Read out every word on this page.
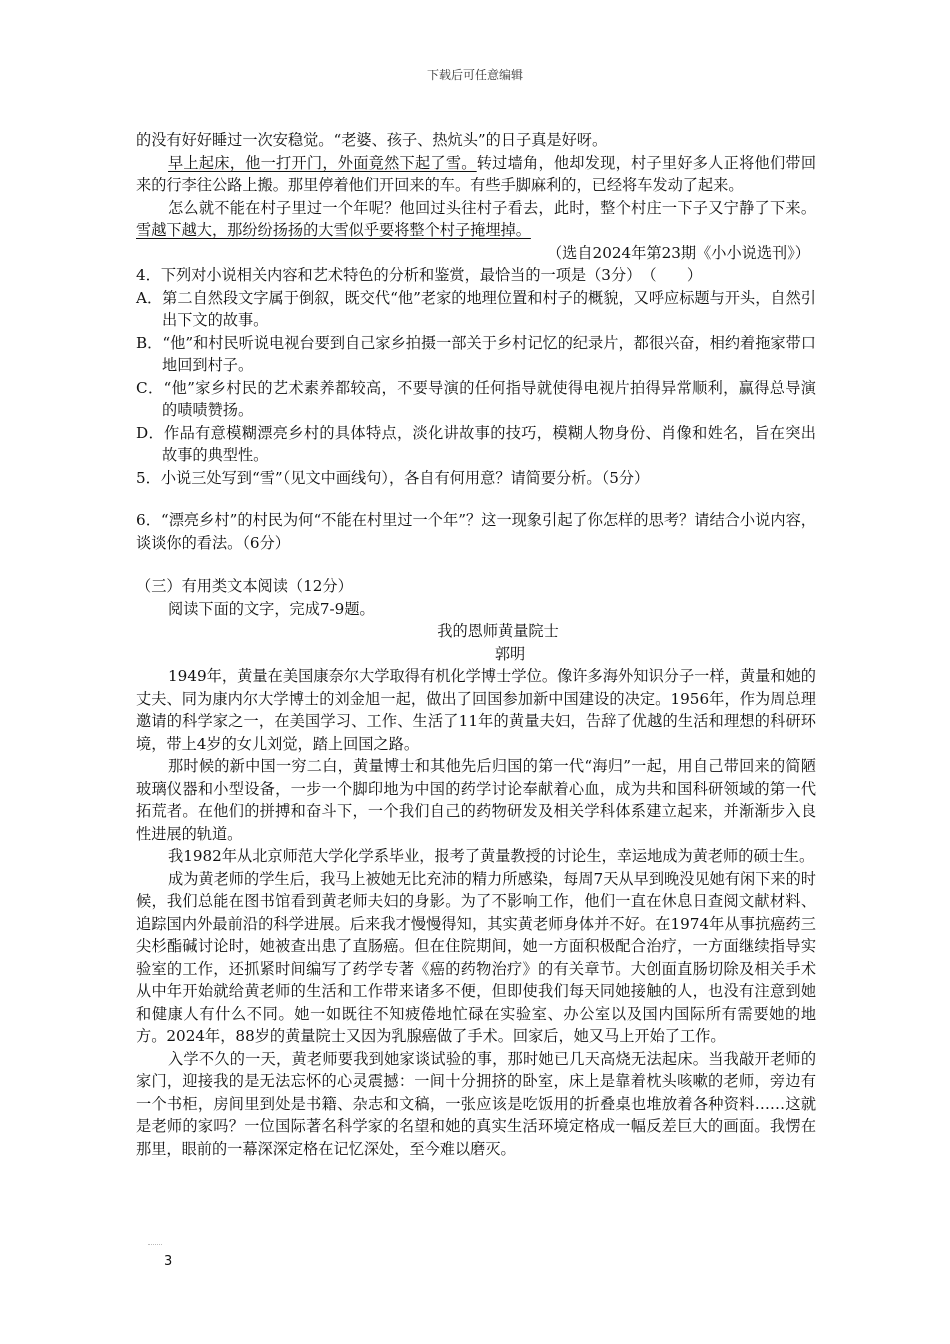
下载后可任意编辑

的没有好好睡过一次安稳觉。“老婆、孩子、热炕头”的日子真是好呀。

早上起床，他一打开门，外面竟然下起了雪。转过墙角，他却发现，村子里好多人正将他们带回来的行李往公路上搬。那里停着他们开回来的车。有些手脚麻利的，已经将车发动了起来。

怎么就不能在村子里过一个年呢？他回过头往村子看去，此时，整个村庄一下子又宁静了下来。雪越下越大，那纷纷扬扬的大雪似乎要将整个村子掩埋掉。

（选自2024年第23期《小小说选刊》）

4．下列对小说相关内容和艺术特色的分析和鉴赏，最恰当的一项是（3分）　（　　）

A．第二自然段文字属于倒叙，既交代“他”老家的地理位置和村子的概貌，又呼应标题与开头，自然引出下文的故事。

B．“他”和村民听说电视台要到自己家乡拍摄一部关于乡村记忆的纪录片，都很兴奋，相约着拖家带口地回到村子。

C．“他”家乡村民的艺术素养都较高，不要导演的任何指导就使得电视片拍得异常顺利，赢得总导演的啧啧赞扬。

D．作品有意模糊漂亮乡村的具体特点，淡化讲故事的技巧，模糊人物身份、肖像和姓名，旨在突出故事的典型性。

5．小说三处写到“雪”（见文中画线句），各自有何用意？请简要分析。（5分）

6．“漂亮乡村”的村民为何“不能在村里过一个年”？这一现象引起了你怎样的思考？请结合小说内容，谈谈你的看法。（6分）

（三）有用类文本阅读（12分）

阅读下面的文字，完成7-9题。

我的恩师黄量院士

郭明

1949年，黄量在美国康奈尔大学取得有机化学博士学位。像许多海外知识分子一样，黄量和她的丈夫、同为康内尔大学博士的刘金旭一起，做出了回国参加新中国建设的决定。1956年，作为周总理邀请的科学家之一，在美国学习、工作、生活了11年的黄量夫妇，告辞了优越的生活和理想的科研环境，带上4岁的女儿刘觉，踏上回国之路。

那时候的新中国一穷二白，黄量博士和其他先后归国的第一代“海归”一起，用自己带回来的简陋玻璃仪器和小型设备，一步一个脚印地为中国的药学讨论奉献着心血，成为共和国科研领域的第一代拓荒者。在他们的拼搏和奋斗下，一个我们自己的药物研发及相关学科体系建立起来，并渐渐步入良性进展的轨道。

我1982年从北京师范大学化学系毕业，报考了黄量教授的讨论生，幸运地成为黄老师的硕士生。

成为黄老师的学生后，我马上被她无比充沛的精力所感染，每周7天从早到晚没见她有闲下来的时候，我们总能在图书馆看到黄老师夫妇的身影。为了不影响工作，他们一直在休息日查阅文献材料、追踪国内外最前沿的科学进展。后来我才慢慢得知，其实黄老师身体并不好。在1974年从事抗癌药三尖杉酯碱讨论时，她被查出患了直肠癌。但在住院期间，她一方面积极配合治疗，一方面继续指导实验室的工作，还抓紧时间编写了药学专著《癌的药物治疗》的有关章节。大创面直肠切除及相关手术从中年开始就给黄老师的生活和工作带来诸多不便，但即使我们每天同她接触的人，也没有注意到她和健康人有什么不同。她一如既往不知疲倦地忙碌在实验室、办公室以及国内国际所有需要她的地方。2024年，88岁的黄量院士又因为乳腺癌做了手术。回家后，她又马上开始了工作。

入学不久的一天，黄老师要我到她家谈试验的事，那时她已几天高烧无法起床。当我敲开老师的家门，迎接我的是无法忘怀的心灵震撼：一间十分拥挤的卧室，床上是靠着枕头咳嗽的老师，旁边有一个书柜，房间里到处是书籍、杂志和文稿，一张应该是吃饭用的折叠桌也堆放着各种资料……这就是老师的家吗？一位国际著名科学家的名望和她的真实生活环境定格成一幅反差巨大的画面。我愣在那里，眼前的一幕深深定格在记忆深处，至今难以磨灭。

3
